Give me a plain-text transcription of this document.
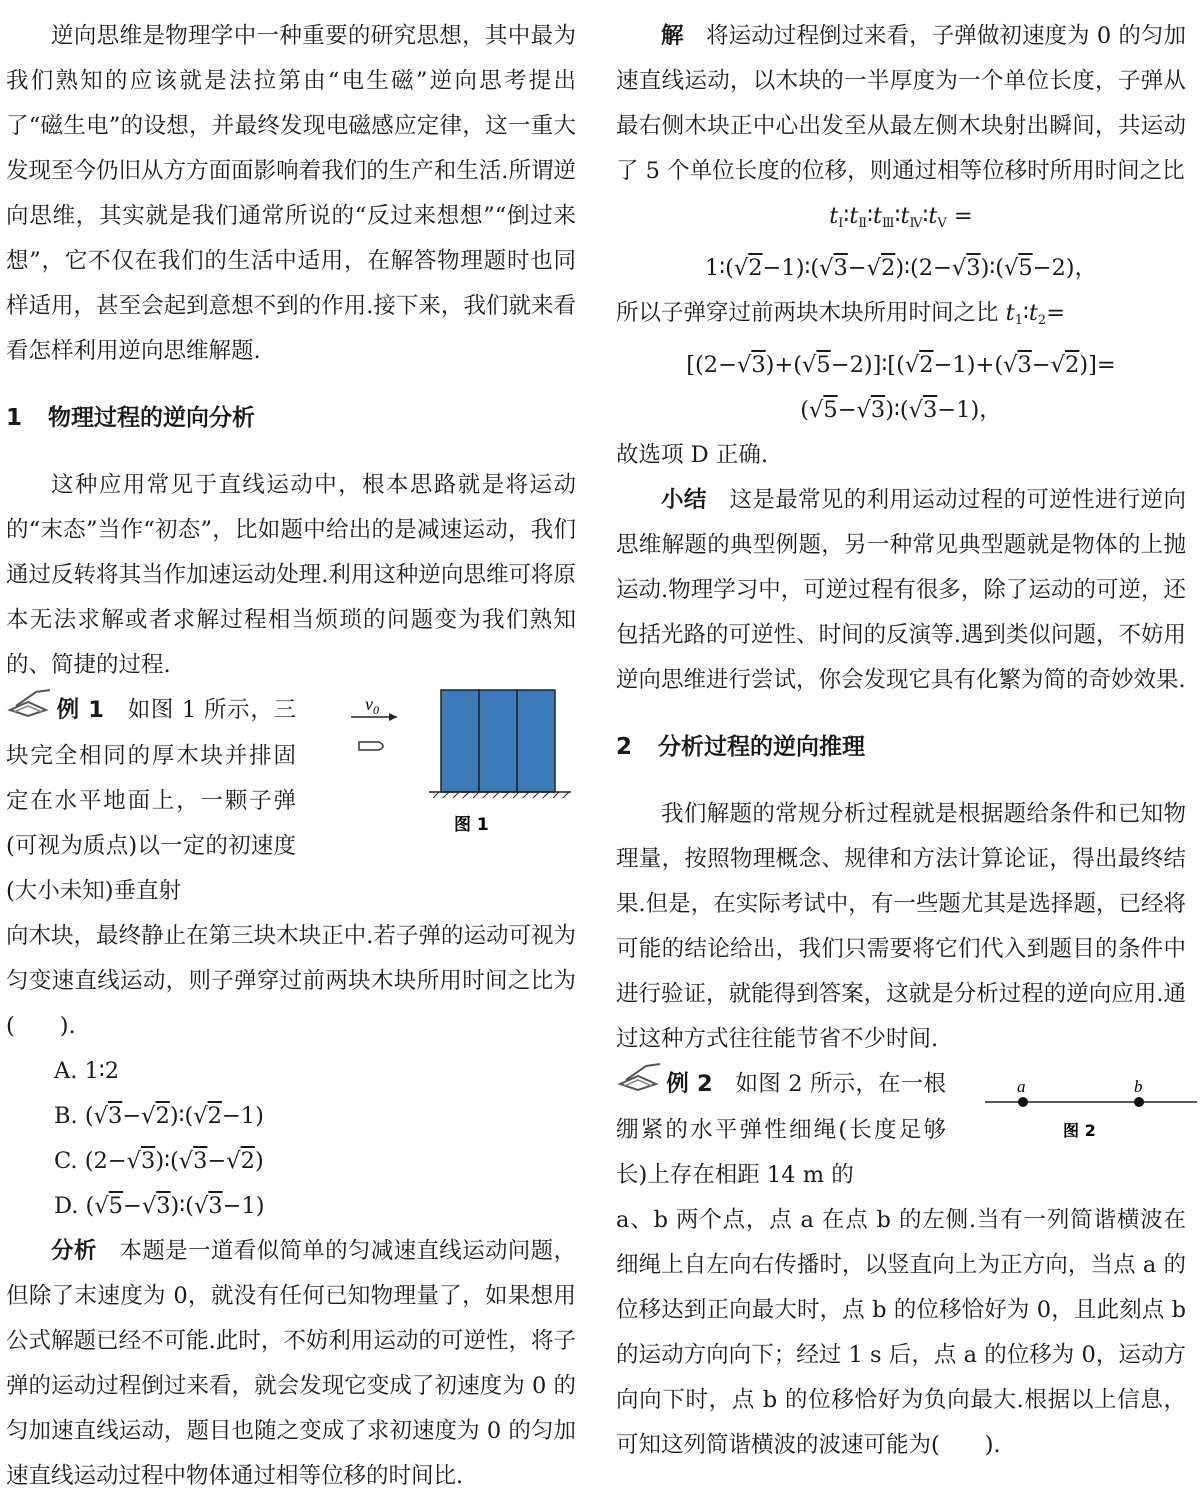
逆向思维是物理学中一种重要的研究思想，其中最为我们熟知的应该就是法拉第由“电生磁”逆向思考提出了“磁生电”的设想，并最终发现电磁感应定律，这一重大发现至今仍旧从方方面面影响着我们的生产和生活.所谓逆向思维，其实就是我们通常所说的“反过来想想”“倒过来想”，它不仅在我们的生活中适用，在解答物理题时也同样适用，甚至会起到意想不到的作用.接下来，我们就来看看怎样利用逆向思维解题.

1 物理过程的逆向分析

这种应用常见于直线运动中，根本思路就是将运动的“末态”当作“初态”，比如题中给出的是减速运动，我们通过反转将其当作加速运动处理.利用这种逆向思维可将原本无法求解或者求解过程相当烦琐的问题变为我们熟知的、简捷的过程.

例 1　 如图 1 所示，三块完全相同的厚木块并排固定在水平地面上，一颗子弹(可视为质点)以一定的初速度(大小未知)垂直射

$v_0$
图 1

向木块，最终静止在第三块木块正中.若子弹的运动可视为匀变速直线运动，则子弹穿过前两块木块所用时间之比为(　　).

A. 1∶2

B. (√3−√2)∶(√2−1)

C. (2−√3)∶(√3−√2)

D. (√5−√3)∶(√3−1)

分析　 本题是一道看似简单的匀减速直线运动问题，但除了末速度为 0，就没有任何已知物理量了，如果想用公式解题已经不可能.此时，不妨利用运动的可逆性，将子弹的运动过程倒过来看，就会发现它变成了初速度为 0 的匀加速直线运动，题目也随之变成了求初速度为 0 的匀加速直线运动过程中物体通过相等位移的时间比.

解　 将运动过程倒过来看，子弹做初速度为 0 的匀加速直线运动，以木块的一半厚度为一个单位长度，子弹从最右侧木块正中心出发至从最左侧木块射出瞬间，共运动了 5 个单位长度的位移，则通过相等位移时所用时间之比

$t_Ⅰ∶t_Ⅱ∶t_Ⅲ∶t_Ⅳ∶t_Ⅴ$ =

1∶(√2−1)∶(√3−√2)∶(2−√3)∶(√5−2)，

所以子弹穿过前两块木块所用时间之比 $t_1∶t_2=$

[(2−√3)+(√5−2)]∶[(√2−1)+(√3−√2)]=

(√5−√3)∶(√3−1)，

故选项 D 正确.

小结　 这是最常见的利用运动过程的可逆性进行逆向思维解题的典型例题，另一种常见典型题就是物体的上抛运动.物理学习中，可逆过程有很多，除了运动的可逆，还包括光路的可逆性、时间的反演等.遇到类似问题，不妨用逆向思维进行尝试，你会发现它具有化繁为简的奇妙效果.

2 分析过程的逆向推理

我们解题的常规分析过程就是根据题给条件和已知物理量，按照物理概念、规律和方法计算论证，得出最终结果.但是，在实际考试中，有一些题尤其是选择题，已经将可能的结论给出，我们只需要将它们代入到题目的条件中进行验证，就能得到答案，这就是分析过程的逆向应用.通过这种方式往往能节省不少时间.

例 2　 如图 2 所示，在一根绷紧的水平弹性细绳(长度足够长)上存在相距 14 m 的

a	b
图 2

a、b 两个点，点 a 在点 b 的左侧.当有一列简谐横波在细绳上自左向右传播时，以竖直向上为正方向，当点 a 的位移达到正向最大时，点 b 的位移恰好为 0，且此刻点 b 的运动方向向下；经过 1 s 后，点 a 的位移为 0，运动方向向下时，点 b 的位移恰好为负向最大.根据以上信息，可知这列简谐横波的波速可能为(　　).
